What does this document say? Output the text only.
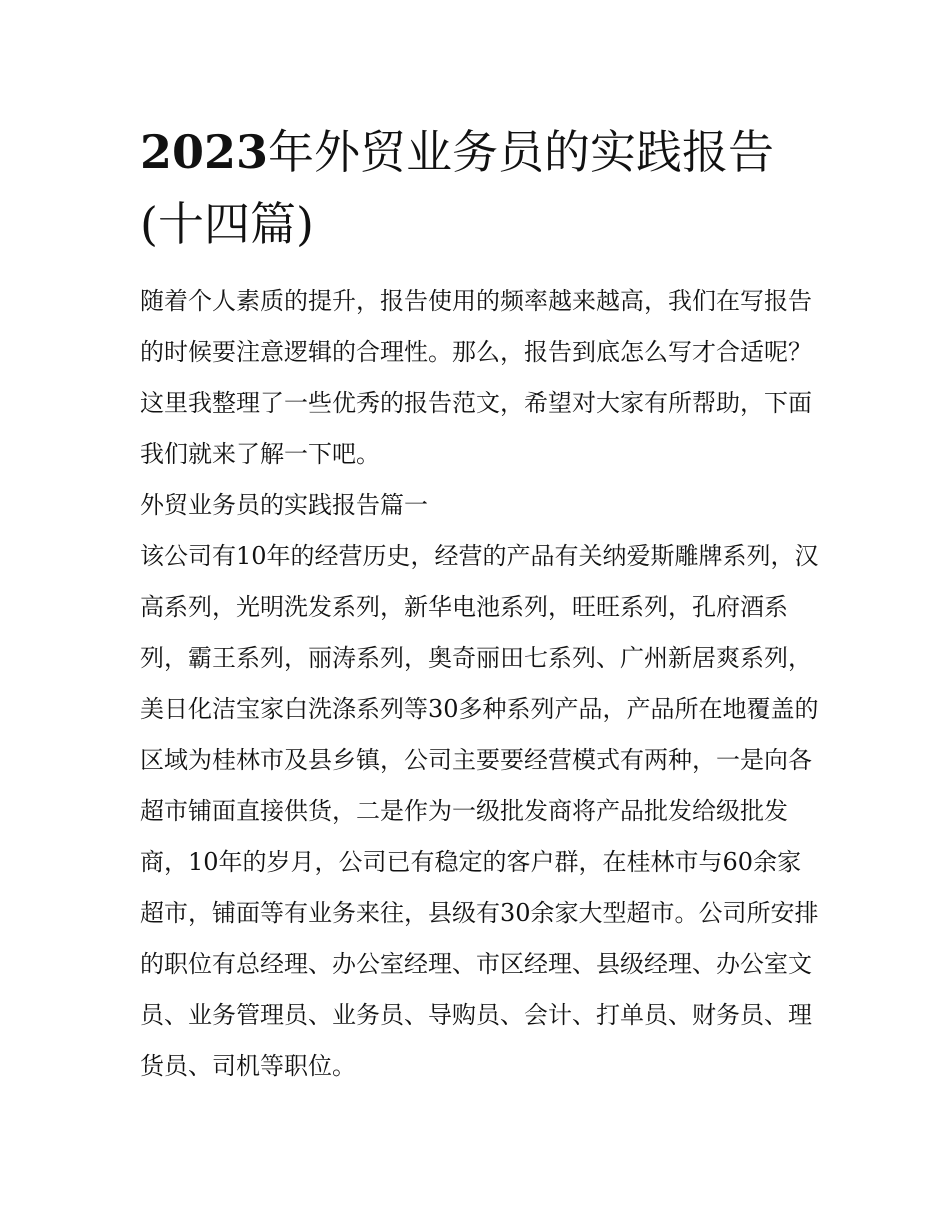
2023年外贸业务员的实践报告(十四篇)

随着个人素质的提升，报告使用的频率越来越高，我们在写报告的时候要注意逻辑的合理性。那么，报告到底怎么写才合适呢？这里我整理了一些优秀的报告范文，希望对大家有所帮助，下面我们就来了解一下吧。

外贸业务员的实践报告篇一

该公司有10年的经营历史，经营的产品有关纳爱斯雕牌系列，汉高系列，光明洗发系列，新华电池系列，旺旺系列，孔府酒系列，霸王系列，丽涛系列，奥奇丽田七系列、广州新居爽系列，美日化洁宝家白洗涤系列等30多种系列产品，产品所在地覆盖的区域为桂林市及县乡镇，公司主要要经营模式有两种，一是向各超市铺面直接供货，二是作为一级批发商将产品批发给级批发商，10年的岁月，公司已有稳定的客户群，在桂林市与60余家超市，铺面等有业务来往，县级有30余家大型超市。公司所安排的职位有总经理、办公室经理、市区经理、县级经理、办公室文员、业务管理员、业务员、导购员、会计、打单员、财务员、理货员、司机等职位。
